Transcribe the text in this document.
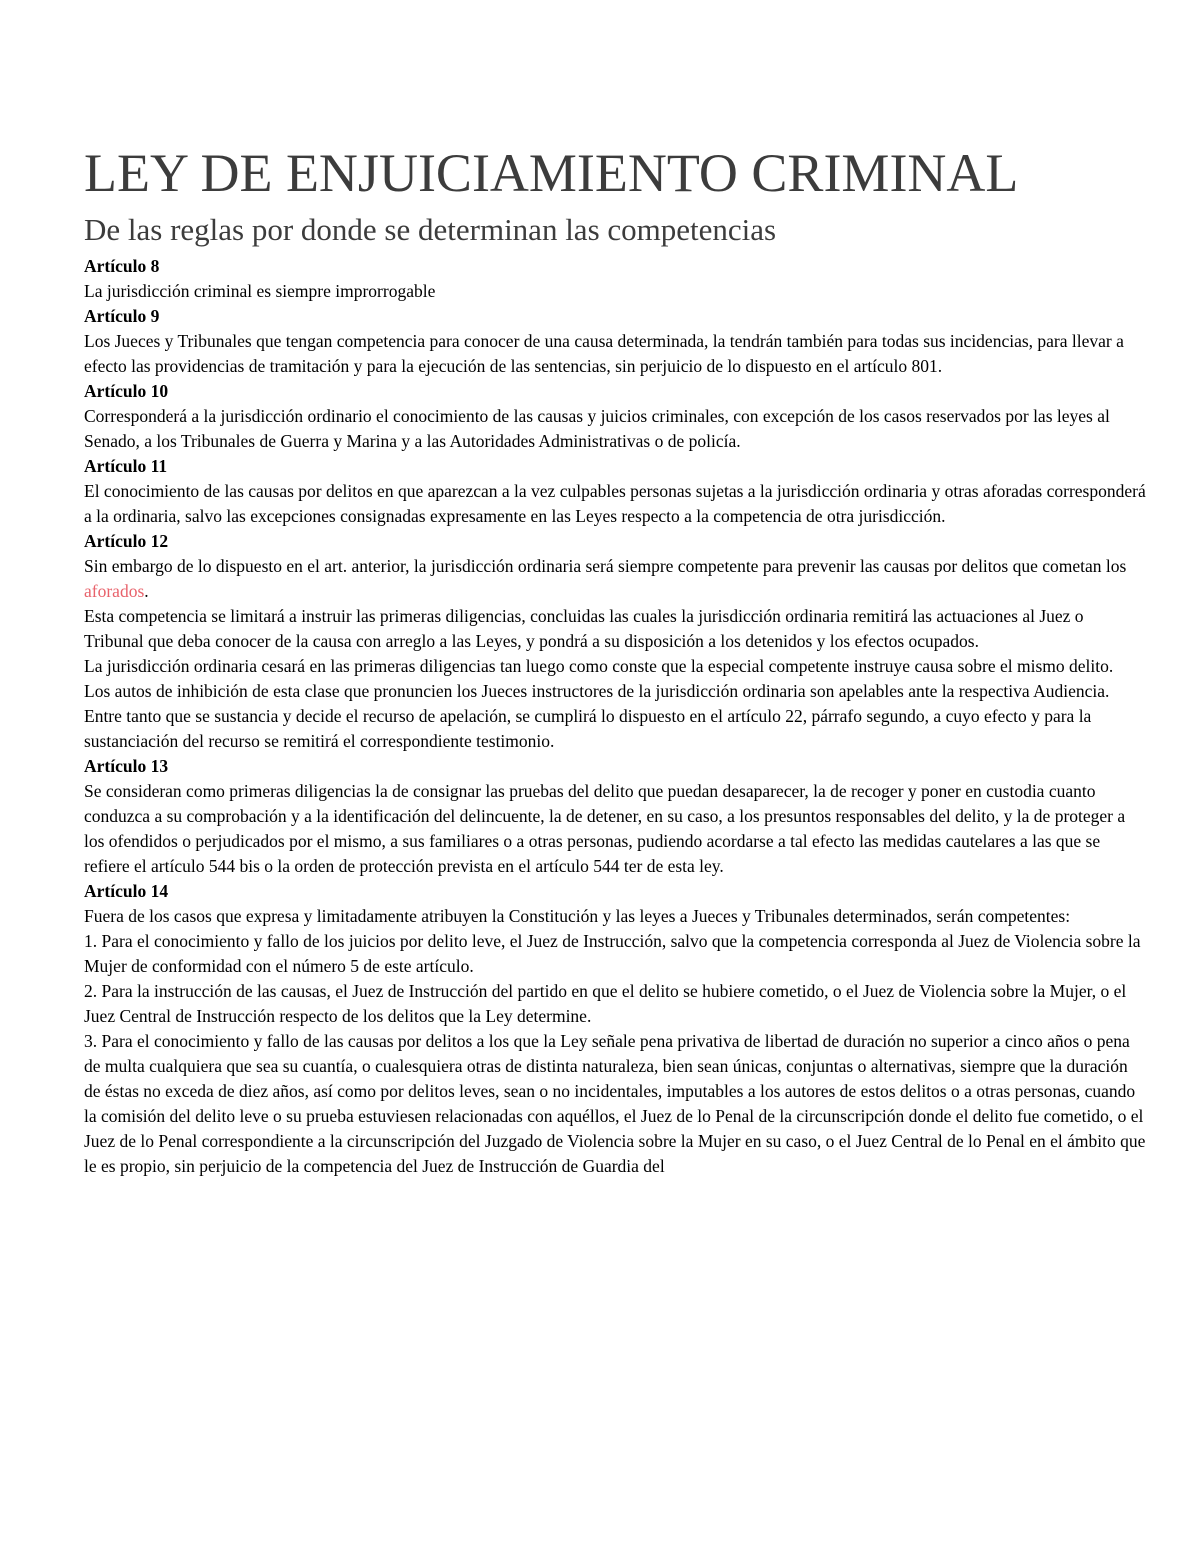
LEY DE ENJUICIAMIENTO CRIMINAL
De las reglas por donde se determinan las competencias
Artículo 8

La jurisdicción criminal es siempre improrrogable

Artículo 9

Los Jueces y Tribunales que tengan competencia para conocer de una causa determinada, la tendrán también para todas sus incidencias, para llevar a efecto las providencias de tramitación y para la ejecución de las sentencias, sin perjuicio de lo dispuesto en el artículo 801.

Artículo 10

Corresponderá a la jurisdicción ordinario el conocimiento de las causas y juicios criminales, con excepción de los casos reservados por las leyes al Senado, a los Tribunales de Guerra y Marina y a las Autoridades Administrativas o de policía.

Artículo 11

El conocimiento de las causas por delitos en que aparezcan a la vez culpables personas sujetas a la jurisdicción ordinaria y otras aforadas corresponderá a la ordinaria, salvo las excepciones consignadas expresamente en las Leyes respecto a la competencia de otra jurisdicción.

Artículo 12

Sin embargo de lo dispuesto en el art. anterior, la jurisdicción ordinaria será siempre competente para prevenir las causas por delitos que cometan los aforados.

Esta competencia se limitará a instruir las primeras diligencias, concluidas las cuales la jurisdicción ordinaria remitirá las actuaciones al Juez o Tribunal que deba conocer de la causa con arreglo a las Leyes, y pondrá a su disposición a los detenidos y los efectos ocupados.

La jurisdicción ordinaria cesará en las primeras diligencias tan luego como conste que la especial competente instruye causa sobre el mismo delito.

Los autos de inhibición de esta clase que pronuncien los Jueces instructores de la jurisdicción ordinaria son apelables ante la respectiva Audiencia.

Entre tanto que se sustancia y decide el recurso de apelación, se cumplirá lo dispuesto en el artículo 22, párrafo segundo, a cuyo efecto y para la sustanciación del recurso se remitirá el correspondiente testimonio.

Artículo 13

Se consideran como primeras diligencias la de consignar las pruebas del delito que puedan desaparecer, la de recoger y poner en custodia cuanto conduzca a su comprobación y a la identificación del delincuente, la de detener, en su caso, a los presuntos responsables del delito, y la de proteger a los ofendidos o perjudicados por el mismo, a sus familiares o a otras personas, pudiendo acordarse a tal efecto las medidas cautelares a las que se refiere el artículo 544 bis o la orden de protección prevista en el artículo 544 ter de esta ley.

Artículo 14

Fuera de los casos que expresa y limitadamente atribuyen la Constitución y las leyes a Jueces y Tribunales determinados, serán competentes:

1. Para el conocimiento y fallo de los juicios por delito leve, el Juez de Instrucción, salvo que la competencia corresponda al Juez de Violencia sobre la Mujer de conformidad con el número 5 de este artículo.

2. Para la instrucción de las causas, el Juez de Instrucción del partido en que el delito se hubiere cometido, o el Juez de Violencia sobre la Mujer, o el Juez Central de Instrucción respecto de los delitos que la Ley determine.

3. Para el conocimiento y fallo de las causas por delitos a los que la Ley señale pena privativa de libertad de duración no superior a cinco años o pena de multa cualquiera que sea su cuantía, o cualesquiera otras de distinta naturaleza, bien sean únicas, conjuntas o alternativas, siempre que la duración de éstas no exceda de diez años, así como por delitos leves, sean o no incidentales, imputables a los autores de estos delitos o a otras personas, cuando la comisión del delito leve o su prueba estuviesen relacionadas con aquéllos, el Juez de lo Penal de la circunscripción donde el delito fue cometido, o el Juez de lo Penal correspondiente a la circunscripción del Juzgado de Violencia sobre la Mujer en su caso, o el Juez Central de lo Penal en el ámbito que le es propio, sin perjuicio de la competencia del Juez de Instrucción de Guardia del
